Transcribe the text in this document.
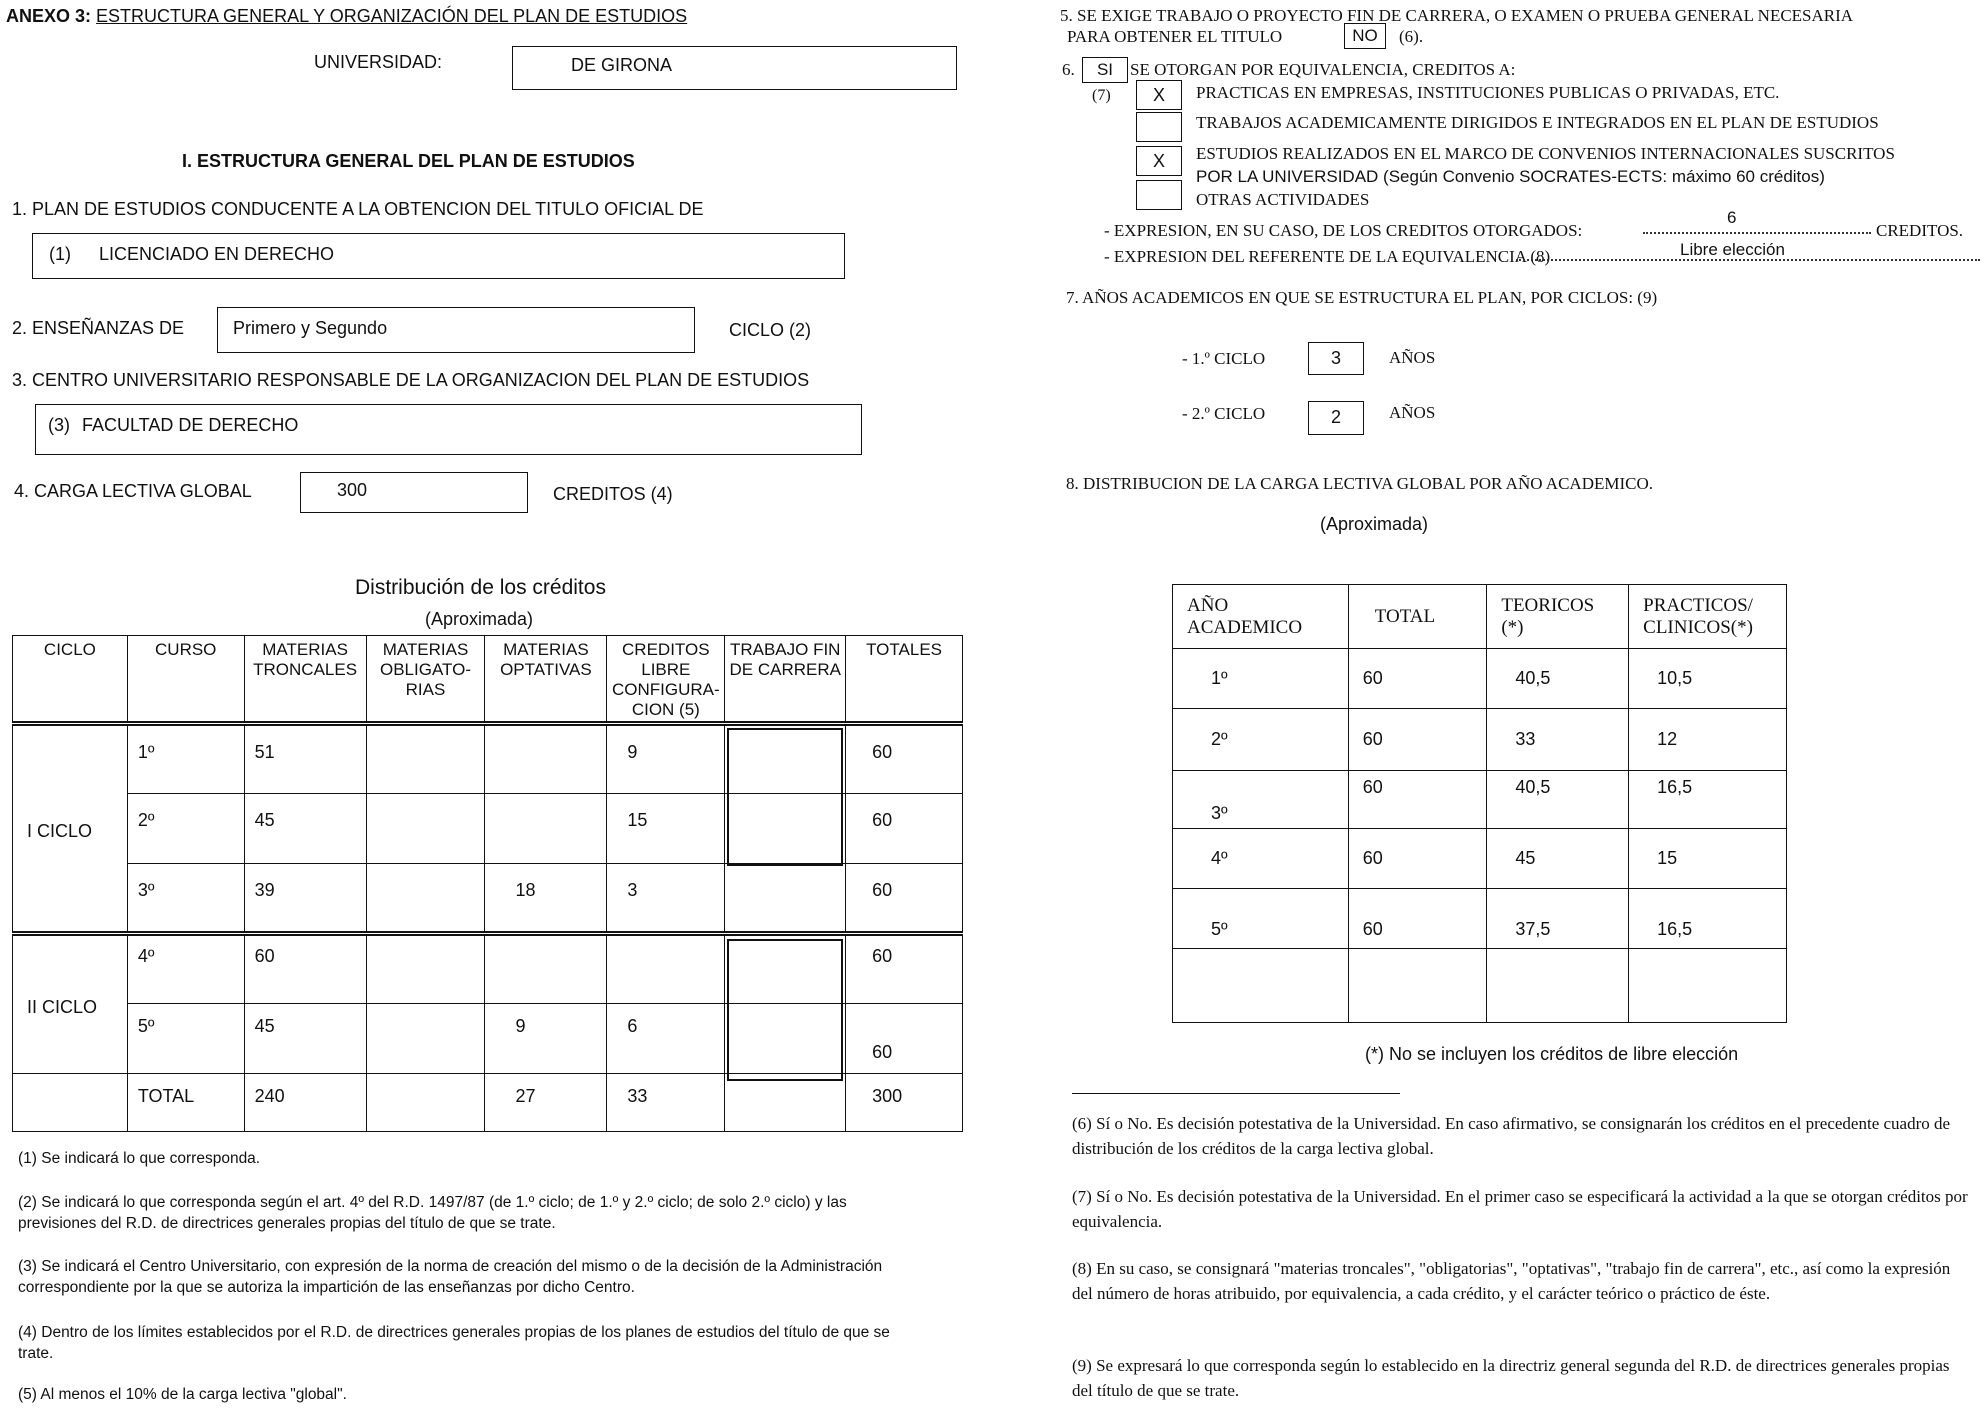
ANEXO 3: ESTRUCTURA GENERAL Y ORGANIZACIÓN DEL PLAN DE ESTUDIOS
UNIVERSIDAD:	DE GIRONA
I. ESTRUCTURA GENERAL DEL PLAN DE ESTUDIOS
1. PLAN DE ESTUDIOS CONDUCENTE A LA OBTENCION DEL TITULO OFICIAL DE
(1) LICENCIADO EN DERECHO
2. ENSEÑANZAS DE	Primero y Segundo	CICLO (2)
3. CENTRO UNIVERSITARIO RESPONSABLE DE LA ORGANIZACION DEL PLAN DE ESTUDIOS
(3) FACULTAD DE DERECHO
4. CARGA LECTIVA GLOBAL	300	CREDITOS (4)
Distribución de los créditos
(Aproximada)
CICLO	CURSO	MATERIAS TRONCALES	MATERIAS OBLIGATO-RIAS	MATERIAS OPTATIVAS	CREDITOS LIBRE CONFIGURA-CION (5)	TRABAJO FIN DE CARRERA	TOTALES
I CICLO	1º	51			9		60
	2º	45			15		60
	3º	39		18	3		60
II CICLO	4º	60					60
	5º	45		9	6		60
	TOTAL	240		27	33		300
(1) Se indicará lo que corresponda.
(2) Se indicará lo que corresponda según el art. 4º del R.D. 1497/87 (de 1.º ciclo; de 1.º y 2.º ciclo; de solo 2.º ciclo) y las previsiones del R.D. de directrices generales propias del título de que se trate.
(3) Se indicará el Centro Universitario, con expresión de la norma de creación del mismo o de la decisión de la Administración correspondiente por la que se autoriza la impartición de las enseñanzas por dicho Centro.
(4) Dentro de los límites establecidos por el R.D. de directrices generales propias de los planes de estudios del título de que se trate.
(5) Al menos el 10% de la carga lectiva "global".
5. SE EXIGE TRABAJO O PROYECTO FIN DE CARRERA, O EXAMEN O PRUEBA GENERAL NECESARIA
PARA OBTENER EL TITULO	NO	(6).
6.	SI SE OTORGAN POR EQUIVALENCIA, CREDITOS A:
(7)	X	PRACTICAS EN EMPRESAS, INSTITUCIONES PUBLICAS O PRIVADAS, ETC.
TRABAJOS ACADEMICAMENTE DIRIGIDOS E INTEGRADOS EN EL PLAN DE ESTUDIOS
X	ESTUDIOS REALIZADOS EN EL MARCO DE CONVENIOS INTERNACIONALES SUSCRITOS
POR LA UNIVERSIDAD (Según Convenio SOCRATES-ECTS: máximo 60 créditos)
OTRAS ACTIVIDADES
- EXPRESION, EN SU CASO, DE LOS CREDITOS OTORGADOS:
6
CREDITOS.
- EXPRESION DEL REFERENTE DE LA EQUIVALENCIA (8)	Libre elección
7. AÑOS ACADEMICOS EN QUE SE ESTRUCTURA EL PLAN, POR CICLOS: (9)
- 1.º CICLO	3	AÑOS
- 2.º CICLO	2	AÑOS
8. DISTRIBUCION DE LA CARGA LECTIVA GLOBAL POR AÑO ACADEMICO.
(Aproximada)
AÑO ACADEMICO	TOTAL	TEORICOS (*)	PRACTICOS/ CLINICOS(*)
1º	60	40,5	10,5
2º	60	33	12
3º	60	40,5	16,5
4º	60	45	15
5º	60	37,5	16,5

(*) No se incluyen los créditos de libre elección
(6) Sí o No. Es decisión potestativa de la Universidad. En caso afirmativo, se consignarán los créditos en el precedente cuadro de distribución de los créditos de la carga lectiva global.
(7) Sí o No. Es decisión potestativa de la Universidad. En el primer caso se especificará la actividad a la que se otorgan créditos por equivalencia.
(8) En su caso, se consignará "materias troncales", "obligatorias", "optativas", "trabajo fin de carrera", etc., así como la expresión del número de horas atribuido, por equivalencia, a cada crédito, y el carácter teórico o práctico de éste.
(9) Se expresará lo que corresponda según lo establecido en la directriz general segunda del R.D. de directrices generales propias del título de que se trate.
